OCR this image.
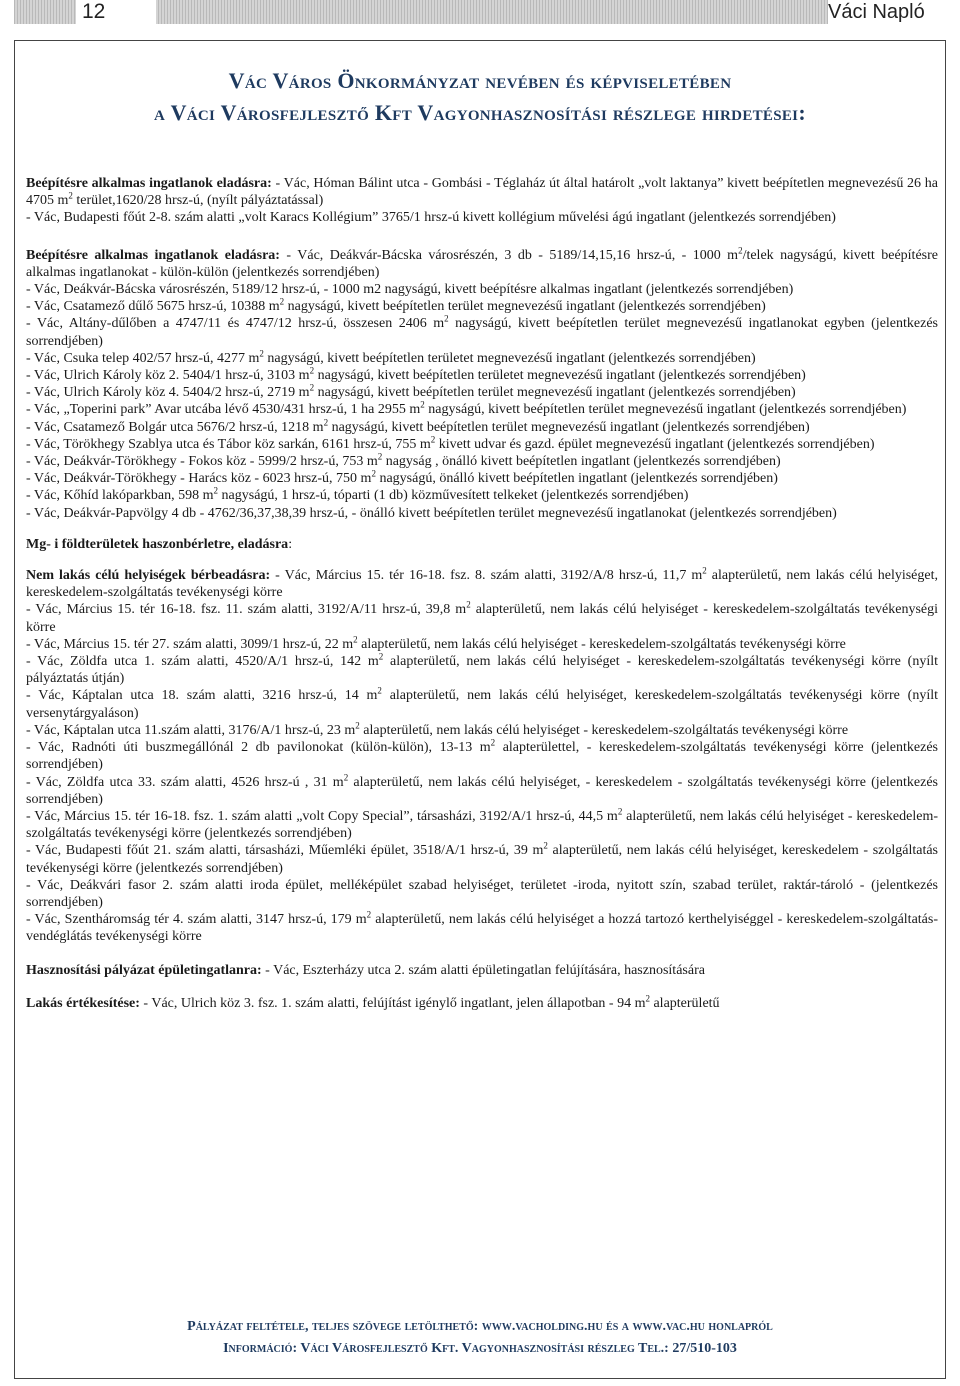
12	Váci Napló
Vác Város Önkormányzat nevében és képviseletében
a Váci Városfejlesztő Kft Vagyonhasznosítási részlege hirdetései:

Beépítésre alkalmas ingatlanok eladásra: - Vác, Hóman Bálint utca - Gombási - Téglaház út által határolt „volt laktanya” kivett beépítetlen megnevezésű 26 ha 4705 $m^2$ terület,1620/28 hrsz-ú, (nyílt pályáztatással)
- Vác, Budapesti főút 2-8. szám alatti „volt Karacs Kollégium” 3765/1 hrsz-ú kivett kollégium művelési ágú ingatlant (jelentkezés sorrendjében)

Beépítésre alkalmas ingatlanok eladásra: - Vác, Deákvár-Bácska városrészén, 3 db - 5189/14,15,16 hrsz-ú, - 1000 $m^2$/telek nagyságú, kivett beépítésre alkalmas ingatlanokat - külön-külön (jelentkezés sorrendjében)
- Vác, Deákvár-Bácska városrészén, 5189/12 hrsz-ú, - 1000 m2 nagyságú, kivett beépítésre alkalmas ingatlant (jelentkezés sorrendjében)
- Vác, Csatamező dűlő 5675 hrsz-ú, 10388 $m^2$ nagyságú, kivett beépítetlen terület megnevezésű ingatlant (jelentkezés sorrendjében)
- Vác, Altány-dűlőben a 4747/11 és 4747/12 hrsz-ú, összesen 2406 $m^2$ nagyságú, kivett beépítetlen terület megnevezésű ingatlanokat egyben (jelentkezés sorrendjében)
- Vác, Csuka telep 402/57 hrsz-ú, 4277 $m^2$ nagyságú, kivett beépítetlen területet megnevezésű ingatlant (jelentkezés sorrendjében)
- Vác, Ulrich Károly köz 2. 5404/1 hrsz-ú, 3103 $m^2$ nagyságú, kivett beépítetlen területet megnevezésű ingatlant (jelentkezés sorrendjében)
- Vác, Ulrich Károly köz 4. 5404/2 hrsz-ú, 2719 $m^2$ nagyságú, kivett beépítetlen terület megnevezésű ingatlant (jelentkezés sorrendjében)
- Vác, „Toperini park” Avar utcába lévő 4530/431 hrsz-ú, 1 ha 2955 $m^2$ nagyságú, kivett beépítetlen terület megnevezésű ingatlant (jelentkezés sorrendjében)
- Vác, Csatamező Bolgár utca 5676/2 hrsz-ú, 1218 $m^2$ nagyságú, kivett beépítetlen terület megnevezésű ingatlant (jelentkezés sorrendjében)
- Vác, Törökhegy Szablya utca és Tábor köz sarkán, 6161 hrsz-ú, 755 $m^2$ kivett udvar és gazd. épület megnevezésű ingatlant (jelentkezés sorrendjében)
- Vác, Deákvár-Törökhegy - Fokos köz - 5999/2 hrsz-ú, 753 $m^2$ nagyság , önálló kivett beépítetlen ingatlant (jelentkezés sorrendjében)
- Vác, Deákvár-Törökhegy - Harács köz - 6023 hrsz-ú, 750 $m^2$ nagyságú, önálló kivett beépítetlen ingatlant (jelentkezés sorrendjében)
- Vác, Kőhíd lakóparkban, 598 $m^2$ nagyságú, 1 hrsz-ú, tóparti (1 db) közművesített telkeket (jelentkezés sorrendjében)
- Vác, Deákvár-Papvölgy 4 db - 4762/36,37,38,39 hrsz-ú, - önálló kivett beépítetlen terület megnevezésű ingatlanokat (jelentkezés sorrendjében)

Mg- i földterületek haszonbérletre, eladásra:

Nem lakás célú helyiségek bérbeadásra: - Vác, Március 15. tér 16-18. fsz. 8. szám alatti, 3192/A/8 hrsz-ú, 11,7 $m^2$ alapterületű, nem lakás célú helyiséget, kereskedelem-szolgáltatás tevékenységi körre
- Vác, Március 15. tér 16-18. fsz. 11. szám alatti, 3192/A/11 hrsz-ú, 39,8 $m^2$ alapterületű, nem lakás célú helyiséget - kereskedelem-szolgáltatás tevékenységi körre
- Vác, Március 15. tér 27. szám alatti, 3099/1 hrsz-ú, 22 $m^2$ alapterületű, nem lakás célú helyiséget - kereskedelem-szolgáltatás tevékenységi körre
- Vác, Zöldfa utca 1. szám alatti, 4520/A/1 hrsz-ú, 142 $m^2$ alapterületű, nem lakás célú helyiséget - kereskedelem-szolgáltatás tevékenységi körre (nyílt pályáztatás útján)
- Vác, Káptalan utca 18. szám alatti, 3216 hrsz-ú, 14 $m^2$ alapterületű, nem lakás célú helyiséget, kereskedelem-szolgáltatás tevékenységi körre (nyílt versenytárgyaláson)
- Vác, Káptalan utca 11.szám alatti, 3176/A/1 hrsz-ú, 23 $m^2$ alapterületű, nem lakás célú helyiséget - kereskedelem-szolgáltatás tevékenységi körre
- Vác, Radnóti úti buszmegállónál 2 db pavilonokat (külön-külön), 13-13 $m^2$ alapterülettel, - kereskedelem-szolgáltatás tevékenységi körre (jelentkezés sorrendjében)
- Vác, Zöldfa utca 33. szám alatti, 4526 hrsz-ú , 31 $m^2$ alapterületű, nem lakás célú helyiséget, - kereskedelem - szolgáltatás tevékenységi körre (jelentkezés sorrendjében)
- Vác, Március 15. tér 16-18. fsz. 1. szám alatti „volt Copy Special”, társasházi, 3192/A/1 hrsz-ú, 44,5 $m^2$ alapterületű, nem lakás célú helyiséget - kereskedelem-szolgáltatás tevékenységi körre (jelentkezés sorrendjében)
- Vác, Budapesti főút 21. szám alatti, társasházi, Műemléki épület, 3518/A/1 hrsz-ú, 39 $m^2$ alapterületű, nem lakás célú helyiséget, kereskedelem - szolgáltatás tevékenységi körre (jelentkezés sorrendjében)
- Vác, Deákvári fasor 2. szám alatti iroda épület, melléképület szabad helyiséget, területet -iroda, nyitott szín, szabad terület, raktár-tároló - (jelentkezés sorrendjében)
- Vác, Szentháromság tér 4. szám alatti, 3147 hrsz-ú, 179 $m^2$ alapterületű, nem lakás célú helyiséget a hozzá tartozó kerthelyiséggel - kereskedelem-szolgáltatás-vendéglátás tevékenységi körre

Hasznosítási pályázat épületingatlanra: - Vác, Eszterházy utca 2. szám alatti épületingatlan felújítására, hasznosítására

Lakás értékesítése: - Vác, Ulrich köz 3. fsz. 1. szám alatti, felújítást igénylő ingatlant, jelen állapotban - 94 $m^2$ alapterületű

Pályázat feltétele, teljes szövege letölthető: www.vacholding.hu és a www.vac.hu honlapról
Információ: Váci Városfejlesztő Kft. Vagyonhasznosítási részleg Tel.: 27/510-103
